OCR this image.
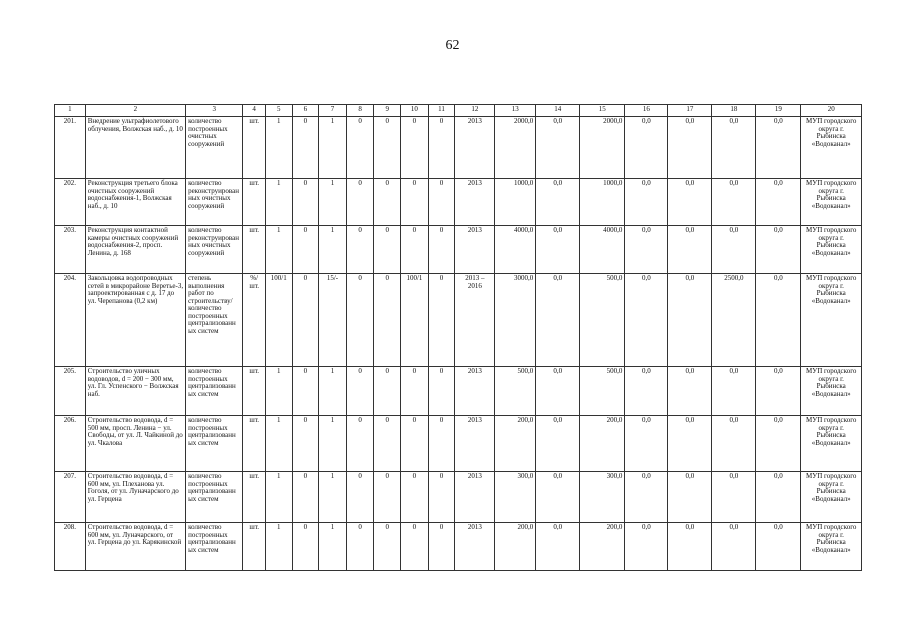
62
1	2	3	4	5	6	7	8	9	10	11	12	13	14	15	16	17	18	19	20
201.	Внедрение ультрафиолетового облучения, Волжская наб., д. 10	количество построенных очистных сооружений	шт.	1	0	1	0	0	0	0	2013	2000,0	0,0	2000,0	0,0	0,0	0,0	0,0	МУП городского округа г. Рыбинска «Водоканал»
202.	Реконструкция третьего блока очистных сооружений водоснабжения-1, Волжская наб., д. 10	количество реконструированных очистных сооружений	шт.	1	0	1	0	0	0	0	2013	1000,0	0,0	1000,0	0,0	0,0	0,0	0,0	МУП городского округа г. Рыбинска «Водоканал»
203.	Реконструкция контактной камеры очистных сооружений водоснабжения-2, просп. Ленина, д. 168	количество реконструированных очистных сооружений	шт.	1	0	1	0	0	0	0	2013	4000,0	0,0	4000,0	0,0	0,0	0,0	0,0	МУП городского округа г. Рыбинска «Водоканал»
204.	Закольцовка водопроводных сетей в микрорайоне Веретье-3, запроектированная с д. 17 до ул. Черепанова (0,2 км)	степень выполнения работ по строительству/ количество построенных централизованных систем	%/ шт.	100/1	0	15/-	0	0	100/1	0	2013 – 2016	3000,0	0,0	500,0	0,0	0,0	2500,0	0,0	МУП городского округа г. Рыбинска «Водоканал»
205.	Строительство уличных водоводов, d = 200 − 300 мм, ул. Гл. Успенского − Волжская наб.	количество построенных централизованных систем	шт.	1	0	1	0	0	0	0	2013	500,0	0,0	500,0	0,0	0,0	0,0	0,0	МУП городского округа г. Рыбинска «Водоканал»
206.	Строительство водовода, d = 500 мм, просп. Ленина − ул. Свободы, от ул. Л. Чайкиной до ул. Чкалова	количество построенных централизованных систем	шт.	1	0	1	0	0	0	0	2013	200,0	0,0	200,0	0,0	0,0	0,0	0,0	МУП городского округа г. Рыбинска «Водоканал»
207.	Строительство водовода, d = 600 мм, ул. Плеханова ул. Гоголя, от ул. Луначарского до ул. Герцена	количество построенных централизованных систем	шт.	1	0	1	0	0	0	0	2013	300,0	0,0	300,0	0,0	0,0	0,0	0,0	МУП городского округа г. Рыбинска «Водоканал»
208.	Строительство водовода, d = 600 мм, ул. Луначарского, от ул. Герцена до ул. Карякинской	количество построенных централизованных систем	шт.	1	0	1	0	0	0	0	2013	200,0	0,0	200,0	0,0	0,0	0,0	0,0	МУП городского округа г. Рыбинска «Водоканал»
